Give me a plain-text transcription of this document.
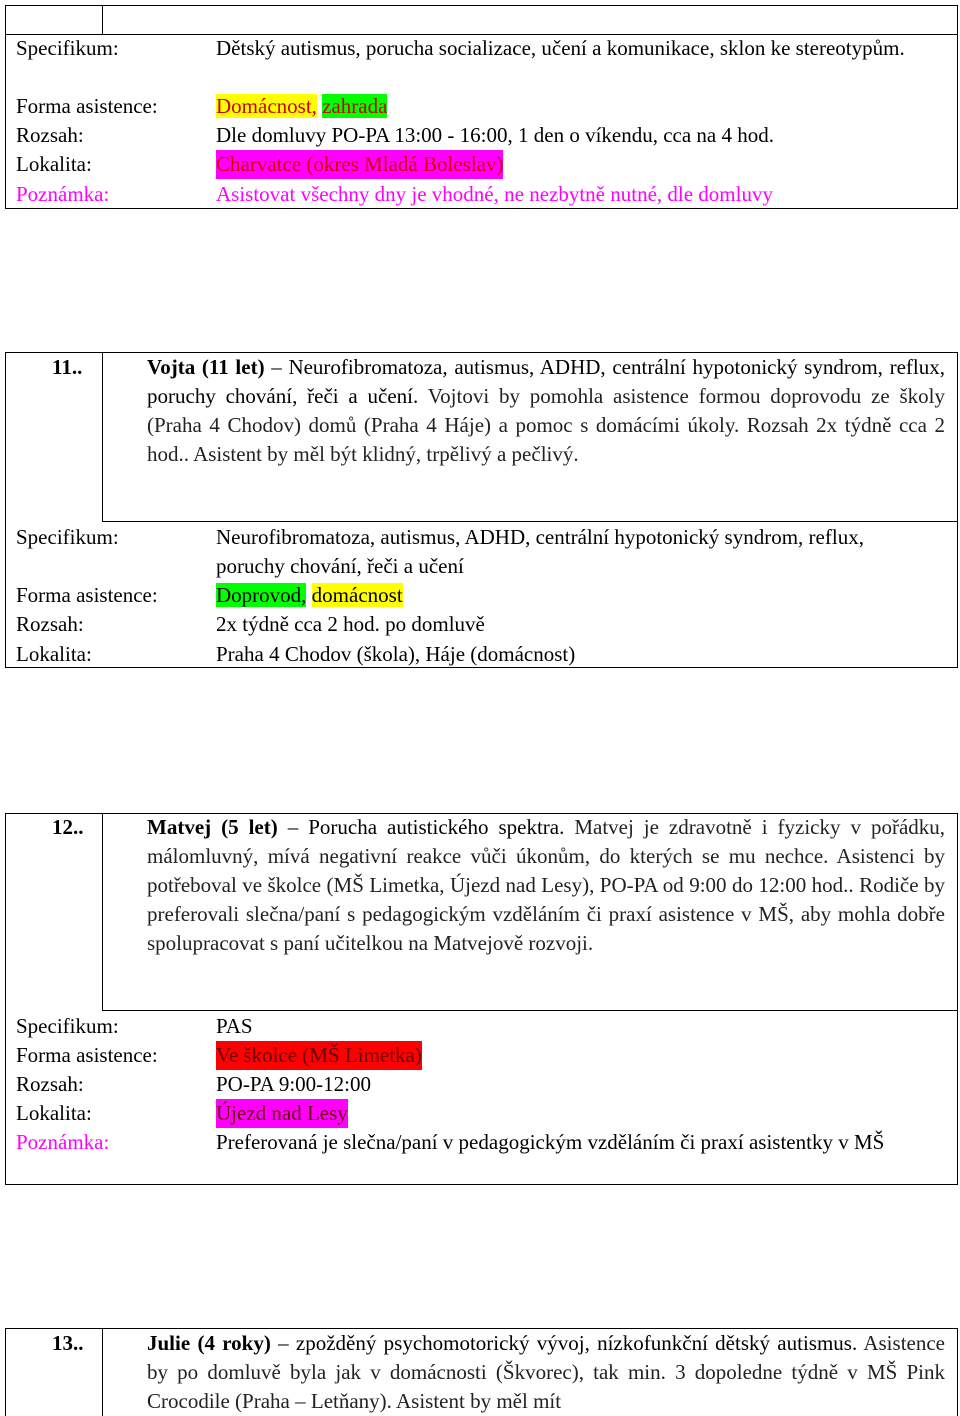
Specifikum:	Dětský autismus, porucha socializace, učení a komunikace, sklon ke stereotypům.
Forma asistence:	Domácnost, zahrada
Rozsah:	Dle domluvy PO-PA 13:00 - 16:00, 1 den o víkendu, cca na 4 hod.
Lokalita:	Charvatce (okres Mladá Boleslav)
Poznámka:	Asistovat všechny dny je vhodné, ne nezbytně nutné, dle domluvy
11..	Vojta (11 let) – Neurofibromatoza, autismus, ADHD, centrální hypotonický syndrom, reflux, poruchy chování, řeči a učení. Vojtovi by pomohla asistence formou doprovodu ze školy (Praha 4 Chodov) domů (Praha 4 Háje) a pomoc s domácími úkoly. Rozsah 2x týdně cca 2 hod.. Asistent by měl být klidný, trpělivý a pečlivý.
Specifikum:	Neurofibromatoza, autismus, ADHD, centrální hypotonický syndrom, reflux, poruchy chování, řeči a učení
Forma asistence:	Doprovod, domácnost
Rozsah:	2x týdně cca 2 hod. po domluvě
Lokalita:	Praha 4 Chodov (škola), Háje (domácnost)
12..	Matvej (5 let) – Porucha autistického spektra. Matvej je zdravotně i fyzicky v pořádku, málomluvný, mívá negativní reakce vůči úkonům, do kterých se mu nechce. Asistenci by potřeboval ve školce (MŠ Limetka, Újezd nad Lesy), PO-PA od 9:00 do 12:00 hod.. Rodiče by preferovali slečna/paní s pedagogickým vzděláním či praxí asistence v MŠ, aby mohla dobře spolupracovat s paní učitelkou na Matvejově rozvoji.
Specifikum:	PAS
Forma asistence:	Ve školce (MŠ Limetka)
Rozsah:	PO-PA 9:00-12:00
Lokalita:	Újezd nad Lesy
Poznámka:	Preferovaná je slečna/paní v pedagogickým vzděláním či praxí asistentky v MŠ
13..	Julie (4 roky) – zpožděný psychomotorický vývoj, nízkofunkční dětský autismus. Asistence by po domluvě byla jak v domácnosti (Škvorec), tak min. 3 dopoledne týdně v MŠ Pink Crocodile (Praha – Letňany). Asistent by měl mít
